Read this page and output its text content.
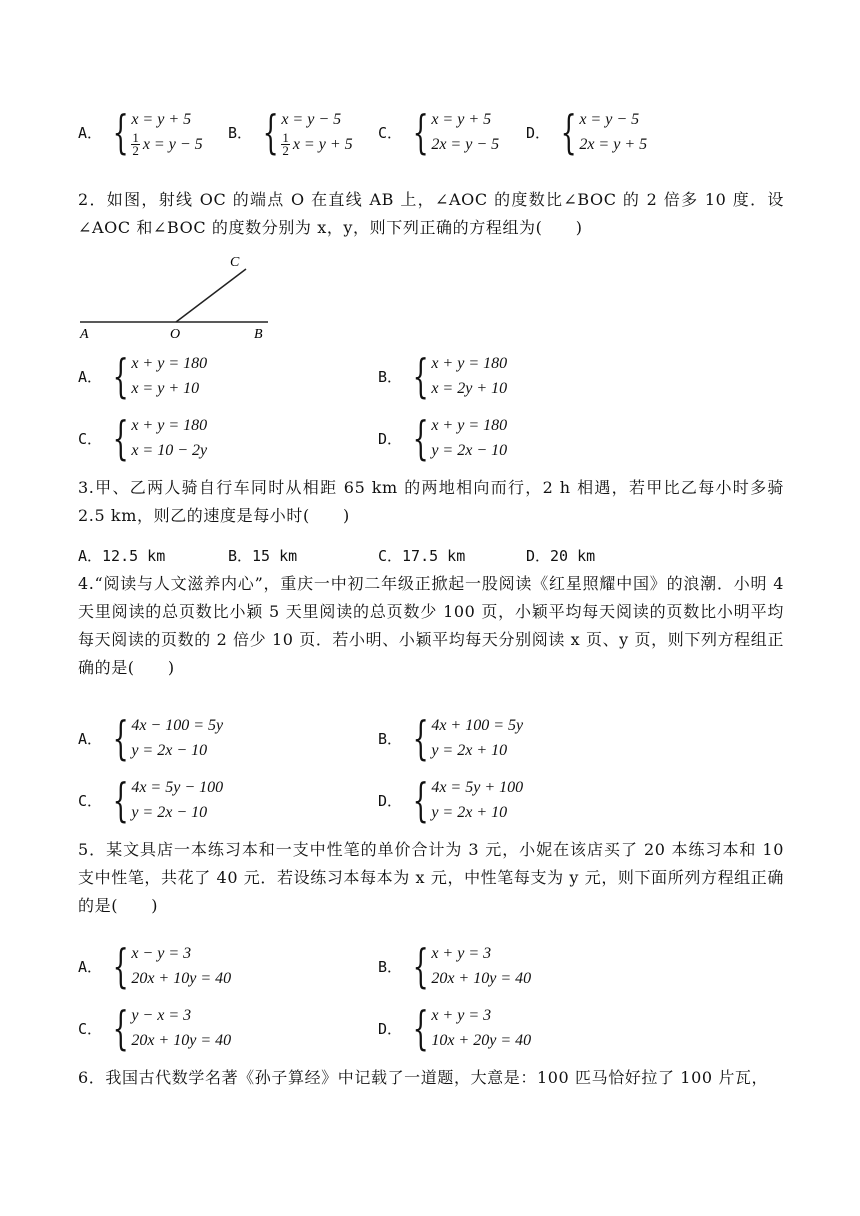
A． { x = y + 5
$\frac{1}{2}$ x = y − 5
B． { x = y − 5
$\frac{1}{2}$ x = y + 5
C． { x = y + 5
2x = y − 5
D． { x = y − 5
2x = y + 5
2．如图，射线 OC 的端点 O 在直线 AB 上，∠AOC 的度数比∠BOC 的 2 倍多 10 度．设∠AOC 和∠BOC 的度数分别为 x，y，则下列正确的方程组为(　　)
C
A	O	B
A． { x + y = 180
x = y + 10
B． { x + y = 180
x = 2y + 10
C． { x + y = 180
x = 10 − 2y
D． { x + y = 180
y = 2x − 10
3.甲、乙两人骑自行车同时从相距 65 km 的两地相向而行，2 h 相遇，若甲比乙每小时多骑 2.5 km，则乙的速度是每小时(　　)
A．12.5 km	B．15 km	C．17.5 km	D．20 km
4.“阅读与人文滋养内心”，重庆一中初二年级正掀起一股阅读《红星照耀中国》的浪潮．小明 4 天里阅读的总页数比小颖 5 天里阅读的总页数少 100 页，小颖平均每天阅读的页数比小明平均每天阅读的页数的 2 倍少 10 页．若小明、小颖平均每天分别阅读 x 页、y 页，则下列方程组正确的是(　　)
A． { 4x − 100 = 5y
y = 2x − 10
B． { 4x + 100 = 5y
y = 2x + 10
C． { 4x = 5y − 100
y = 2x − 10
D． { 4x = 5y + 100
y = 2x + 10
5．某文具店一本练习本和一支中性笔的单价合计为 3 元，小妮在该店买了 20 本练习本和 10 支中性笔，共花了 40 元．若设练习本每本为 x 元，中性笔每支为 y 元，则下面所列方程组正确的是(　　)
A． { x − y = 3
20x + 10y = 40
B． { x + y = 3
20x + 10y = 40
C． { y − x = 3
20x + 10y = 40
D． { x + y = 3
10x + 20y = 40
6．我国古代数学名著《孙子算经》中记载了一道题，大意是：100 匹马恰好拉了 100 片瓦，
